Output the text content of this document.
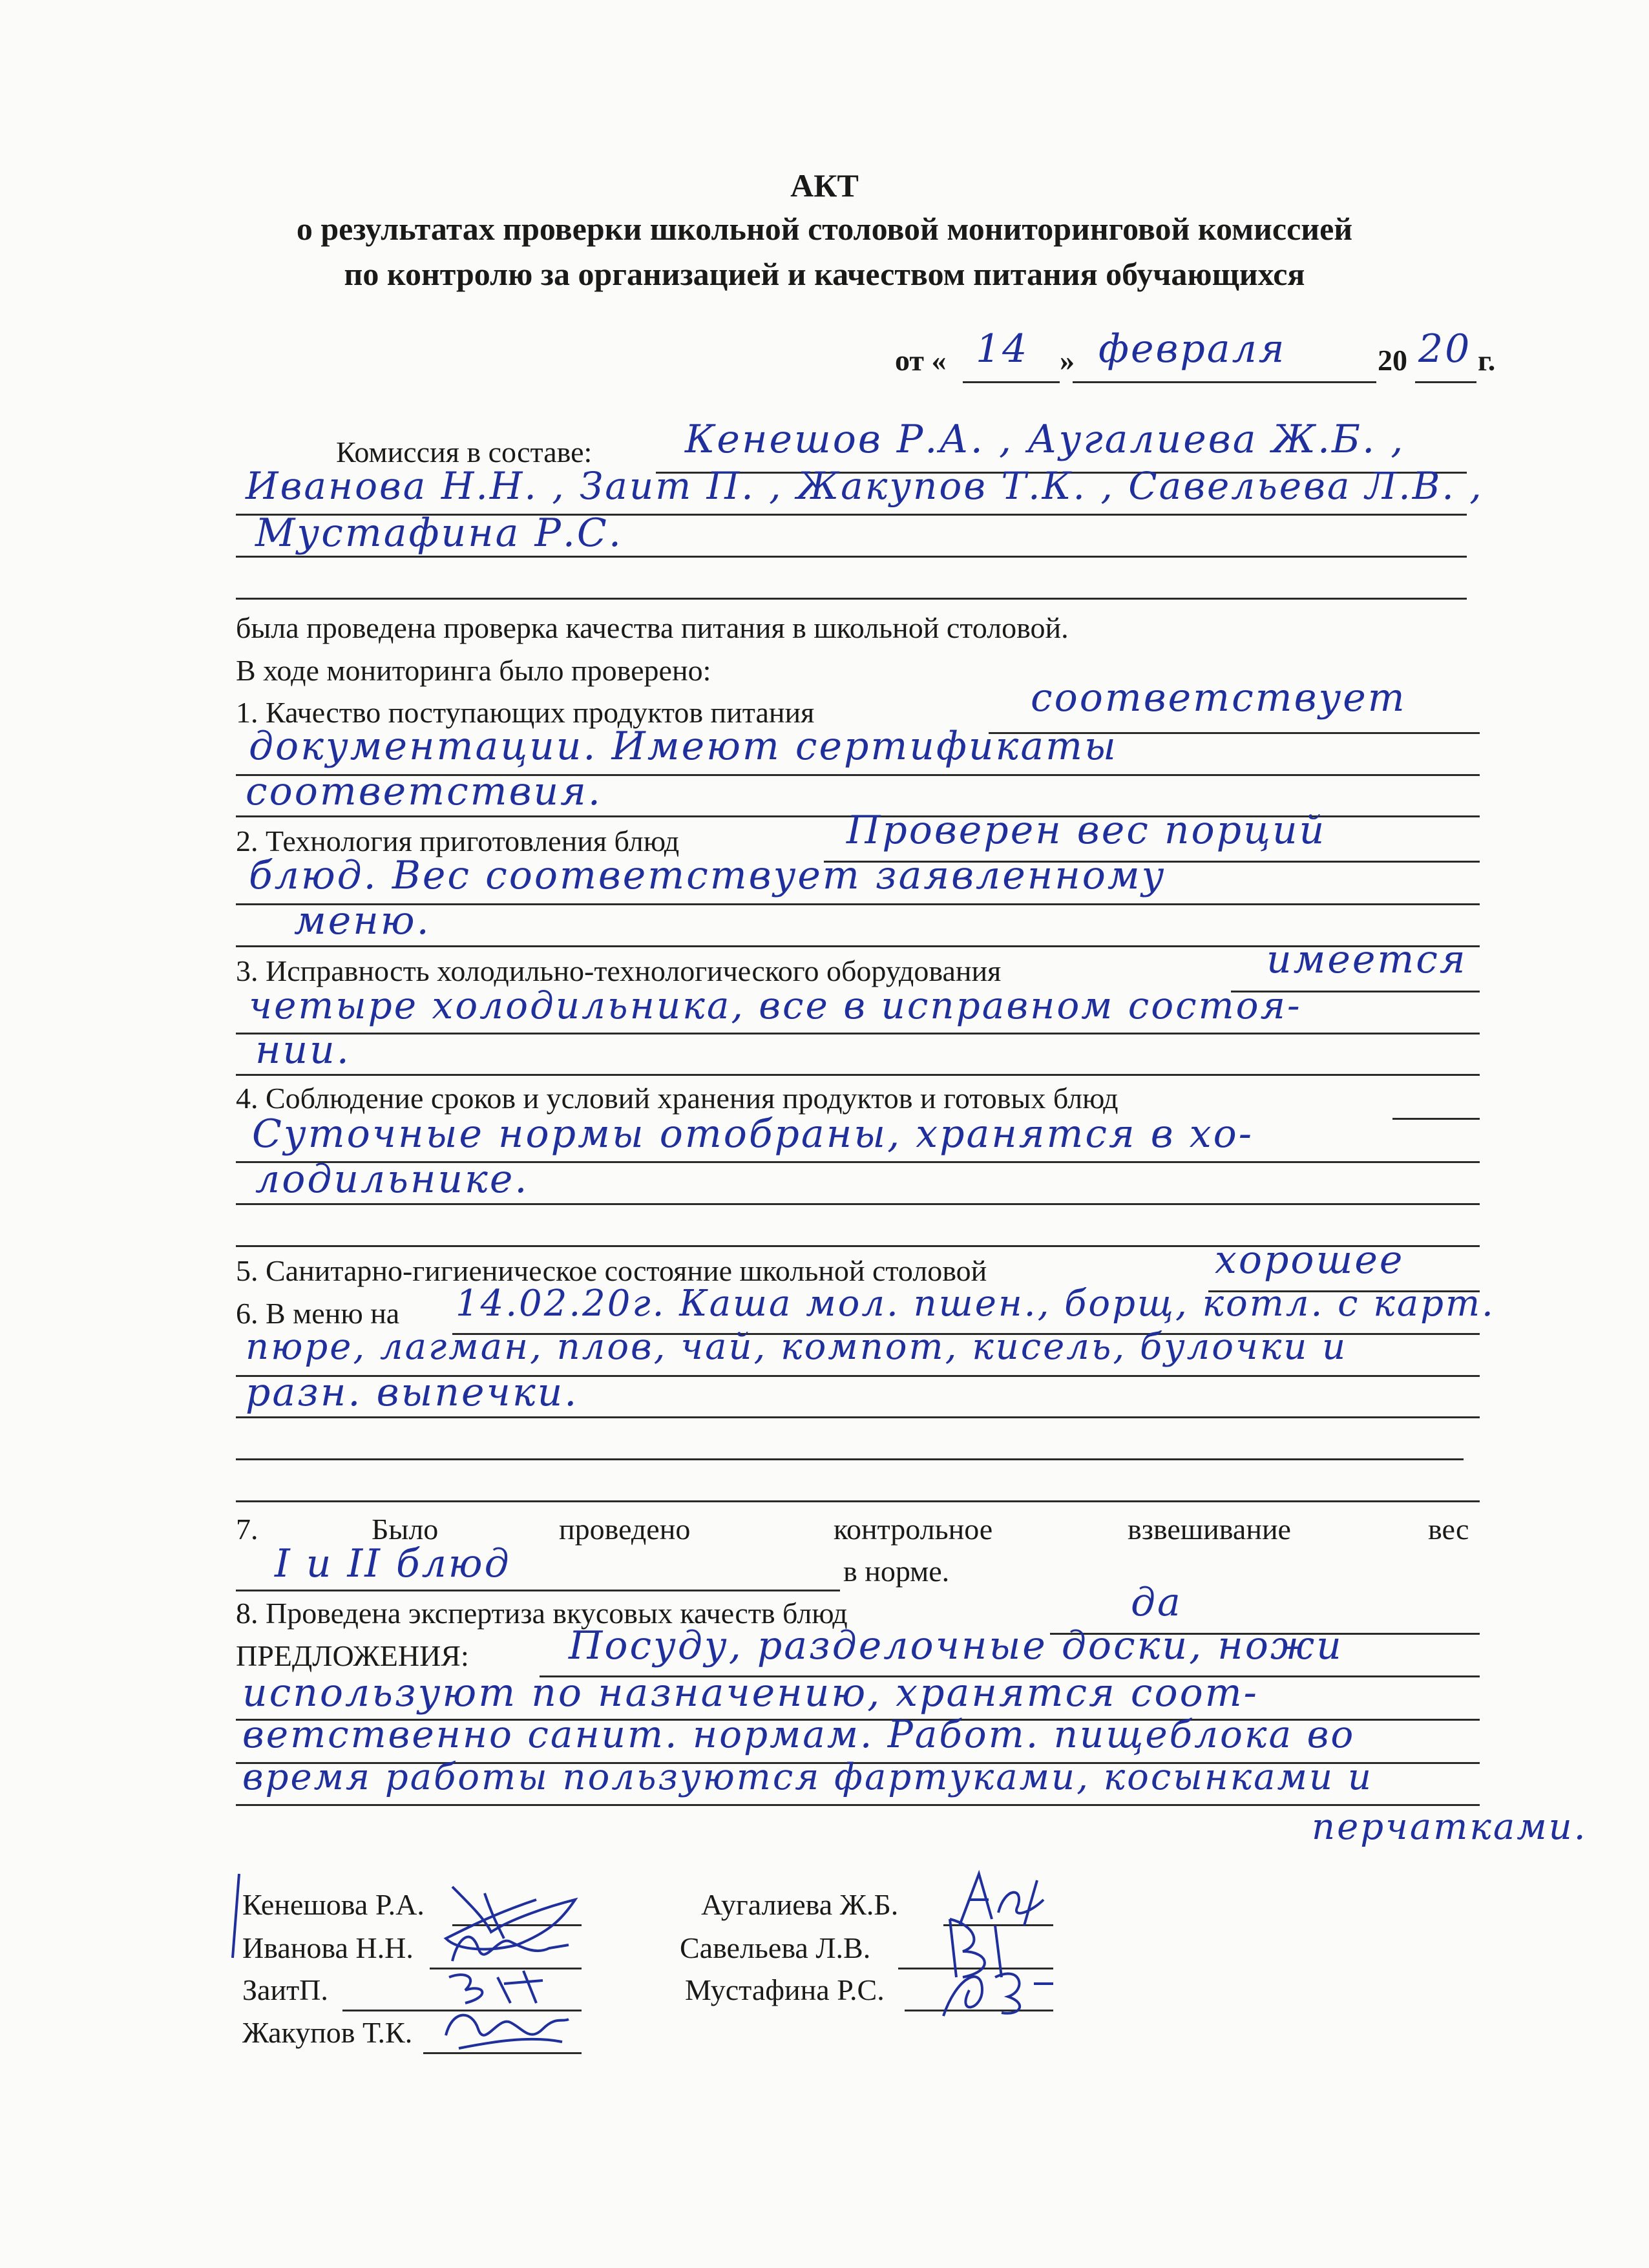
АКТ
о результатах проверки школьной столовой мониторинговой комиссией
по контролю за организацией и качеством питания обучающихся
от « 14 » февраля	20 20 г.
Комиссия в составе: Кенешов Р.А. , Аугалиева Ж.Б. ,
Иванова Н.Н. , Заит П. , Жакупов Т.К. , Савельева Л.В. ,
Мустафина Р.С.
была проведена проверка качества питания в школьной столовой.
В ходе мониторинга было проверено:
1. Качество поступающих продуктов питания	соответствует
документации. Имеют сертификаты
соответствия.
2. Технология приготовления блюд	Проверен вес порций
блюд. Вес соответствует заявленному
меню.
3. Исправность холодильно-технологического оборудования	имеется
четыре холодильника, все в исправном состоя-
нии.
4. Соблюдение сроков и условий хранения продуктов и готовых блюд
Суточные нормы отобраны, хранятся в хо-
лодильнике.
5. Санитарно-гигиеническое состояние школьной столовой	хорошее
6. В меню на 14.02.20г. Каша мол. пшен., борщ, котл. с карт.
пюре, лагман, плов, чай, компот, кисель, булочки и
разн. выпечки.
7.	Было	проведено	контрольное	взвешивание	вес
I и II блюд	в норме.
8. Проведена экспертиза вкусовых качеств блюд	да
ПРЕДЛОЖЕНИЯ:	Посуду, разделочные доски, ножи
используют по назначению, хранятся соот-
ветственно санит. нормам. Работ. пищеблока во
время работы пользуются фартуками, косынками и
перчатками.
Кенешова Р.А.
Иванова Н.Н.
ЗаитП.
Жакупов Т.К.
Аугалиева Ж.Б.
Савельева Л.В.
Мустафина Р.С.
